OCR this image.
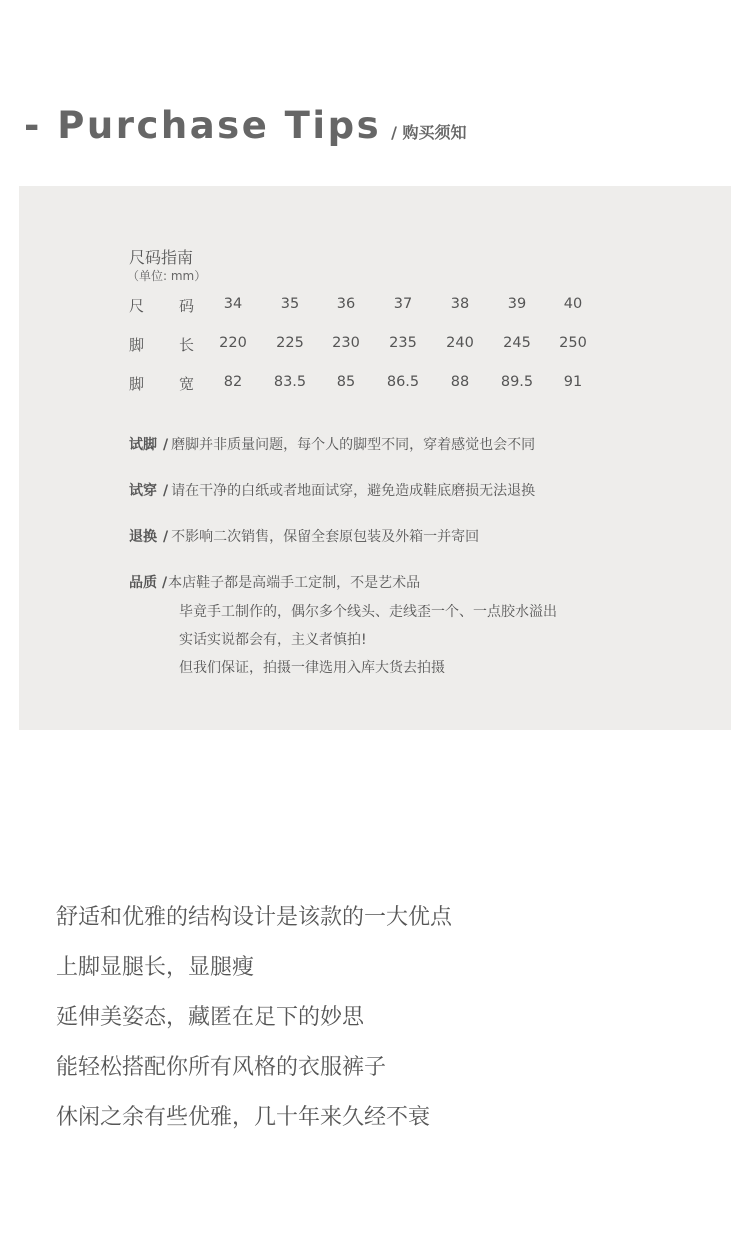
- Purchase Tips / 购买须知
尺码指南
（单位: mm）
尺 码	34	35	36	37	38	39	40
脚 长	220	225	230	235	240	245	250
脚 宽	82	83.5	85	86.5	88	89.5	91
试脚 / 磨脚并非质量问题，每个人的脚型不同，穿着感觉也会不同
试穿 / 请在干净的白纸或者地面试穿，避免造成鞋底磨损无法退换
退换 / 不影响二次销售，保留全套原包装及外箱一并寄回
品质 /本店鞋子都是高端手工定制，不是艺术品
毕竟手工制作的，偶尔多个线头、走线歪一个、一点胶水溢出
实话实说都会有，主义者慎拍!
但我们保证，拍摄一律选用入库大货去拍摄
舒适和优雅的结构设计是该款的一大优点
上脚显腿长，显腿瘦
延伸美姿态，藏匿在足下的妙思
能轻松搭配你所有风格的衣服裤子
休闲之余有些优雅，几十年来久经不衰
